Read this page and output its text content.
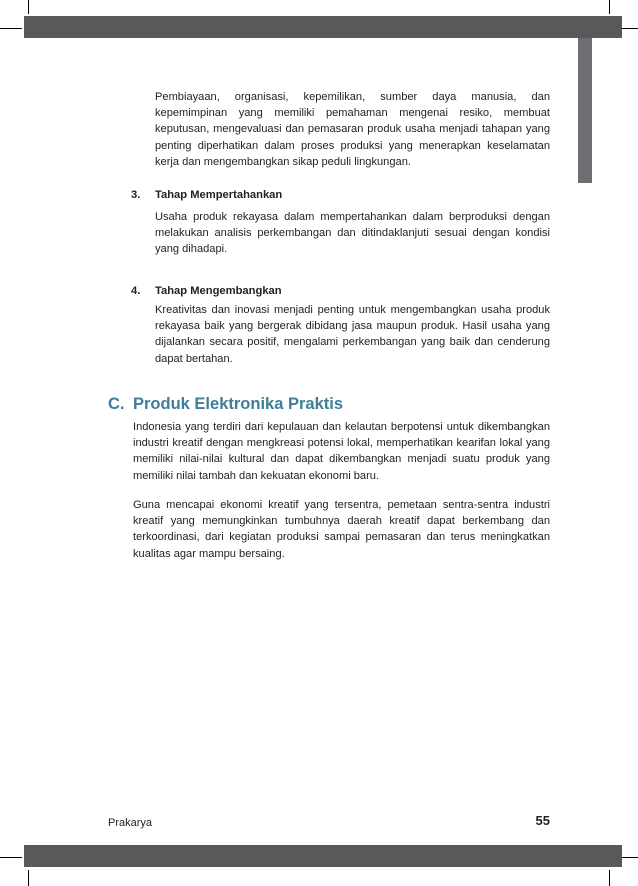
Pembiayaan, organisasi, kepemilikan, sumber daya manusia, dan kepemimpinan yang memiliki pemahaman mengenai resiko, membuat keputusan, mengevaluasi dan pemasaran produk usaha menjadi tahapan yang penting diperhatikan dalam proses produksi yang menerapkan keselamatan kerja dan mengembangkan sikap peduli lingkungan.

3. Tahap Mempertahankan

Usaha produk rekayasa dalam mempertahankan dalam berproduksi dengan melakukan analisis perkembangan dan ditindaklanjuti sesuai dengan kondisi yang dihadapi.

4. Tahap Mengembangkan

Kreativitas dan inovasi menjadi penting untuk mengembangkan usaha produk rekayasa baik yang bergerak dibidang jasa maupun produk. Hasil usaha yang dijalankan secara positif, mengalami perkembangan yang baik dan cenderung dapat bertahan.

C. Produk Elektronika Praktis

Indonesia yang terdiri dari kepulauan dan kelautan berpotensi untuk dikembangkan industri kreatif dengan mengkreasi potensi lokal, memperhatikan kearifan lokal yang memiliki nilai-nilai kultural dan dapat dikembangkan menjadi suatu produk yang memiliki nilai tambah dan kekuatan ekonomi baru.

Guna mencapai ekonomi kreatif yang tersentra, pemetaan sentra-sentra industri kreatif yang memungkinkan tumbuhnya daerah kreatif dapat berkembang dan terkoordinasi, dari kegiatan produksi sampai pemasaran dan terus meningkatkan kualitas agar mampu bersaing.

Prakarya	55
